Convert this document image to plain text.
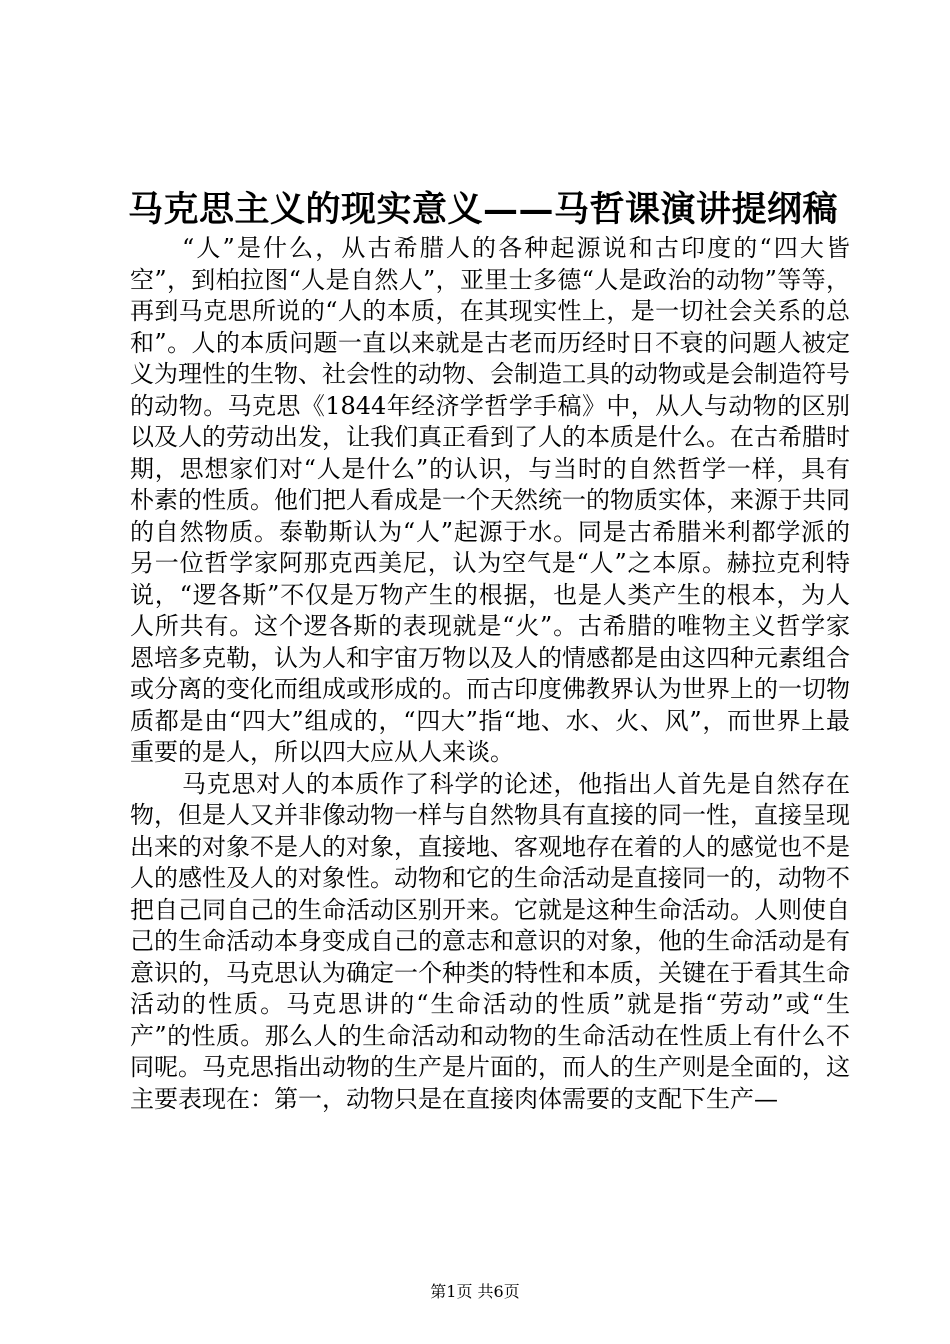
马克思主义的现实意义——马哲课演讲提纲稿

“人”是什么，从古希腊人的各种起源说和古印度的“四大皆空”，到柏拉图“人是自然人”，亚里士多德“人是政治的动物”等等，再到马克思所说的“人的本质，在其现实性上，是一切社会关系的总和”。人的本质问题一直以来就是古老而历经时日不衰的问题人被定义为理性的生物、社会性的动物、会制造工具的动物或是会制造符号的动物。马克思《1844年经济学哲学手稿》中，从人与动物的区别以及人的劳动出发，让我们真正看到了人的本质是什么。在古希腊时期，思想家们对“人是什么”的认识，与当时的自然哲学一样，具有朴素的性质。他们把人看成是一个天然统一的物质实体，来源于共同的自然物质。泰勒斯认为“人”起源于水。同是古希腊米利都学派的另一位哲学家阿那克西美尼，认为空气是“人”之本原。赫拉克利特说，“逻各斯”不仅是万物产生的根据，也是人类产生的根本，为人人所共有。这个逻各斯的表现就是“火”。古希腊的唯物主义哲学家恩培多克勒，认为人和宇宙万物以及人的情感都是由这四种元素组合或分离的变化而组成或形成的。而古印度佛教界认为世界上的一切物质都是由“四大”组成的，“四大”指“地、水、火、风”，而世界上最重要的是人，所以四大应从人来谈。

马克思对人的本质作了科学的论述，他指出人首先是自然存在物，但是人又并非像动物一样与自然物具有直接的同一性，直接呈现出来的对象不是人的对象，直接地、客观地存在着的人的感觉也不是人的感性及人的对象性。动物和它的生命活动是直接同一的，动物不把自己同自己的生命活动区别开来。它就是这种生命活动。人则使自己的生命活动本身变成自己的意志和意识的对象，他的生命活动是有意识的，马克思认为确定一个种类的特性和本质，关键在于看其生命活动的性质。马克思讲的“生命活动的性质”就是指“劳动”或“生产”的性质。那么人的生命活动和动物的生命活动在性质上有什么不同呢。马克思指出动物的生产是片面的，而人的生产则是全面的，这主要表现在：第一，动物只是在直接肉体需要的支配下生产—

第1页 共6页
